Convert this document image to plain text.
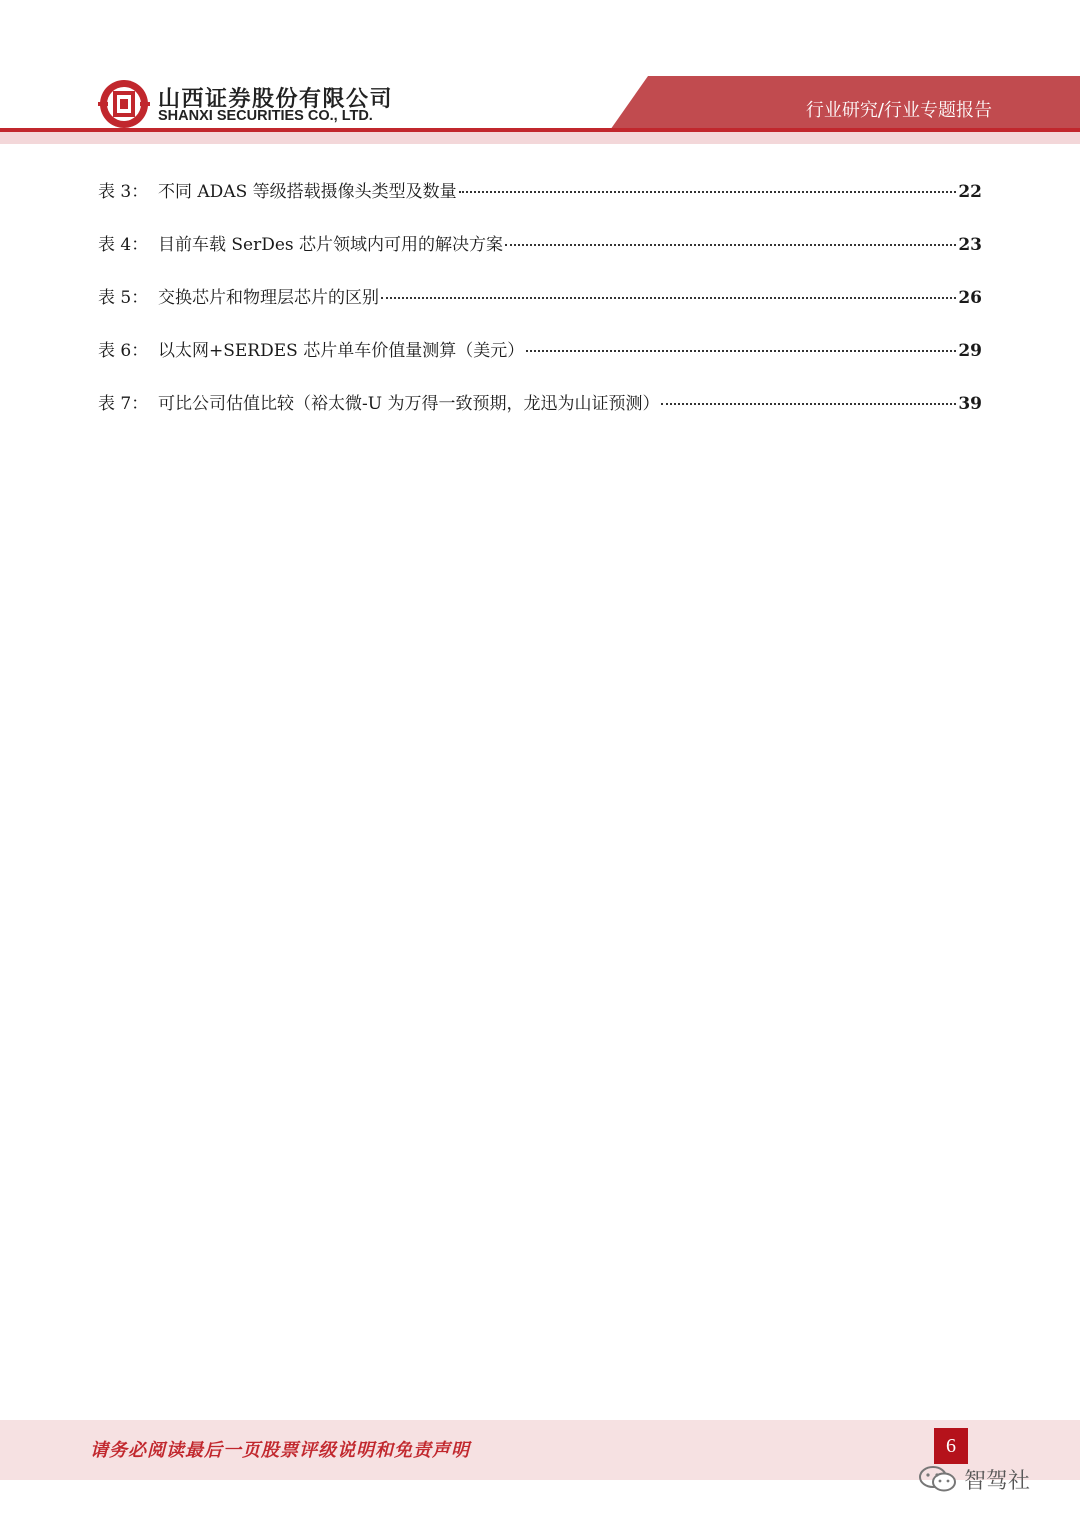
山西证券股份有限公司
SHANXI SECURITIES CO., LTD.	行业研究/行业专题报告
表 3： 不同 ADAS 等级搭载摄像头类型及数量	22
表 4： 目前车载 SerDes 芯片领域内可用的解决方案	23
表 5： 交换芯片和物理层芯片的区别	26
表 6： 以太网+SERDES 芯片单车价值量测算（美元）	29
表 7： 可比公司估值比较（裕太微-U 为万得一致预期，龙迅为山证预测）	39
请务必阅读最后一页股票评级说明和免责声明	6
智驾社
